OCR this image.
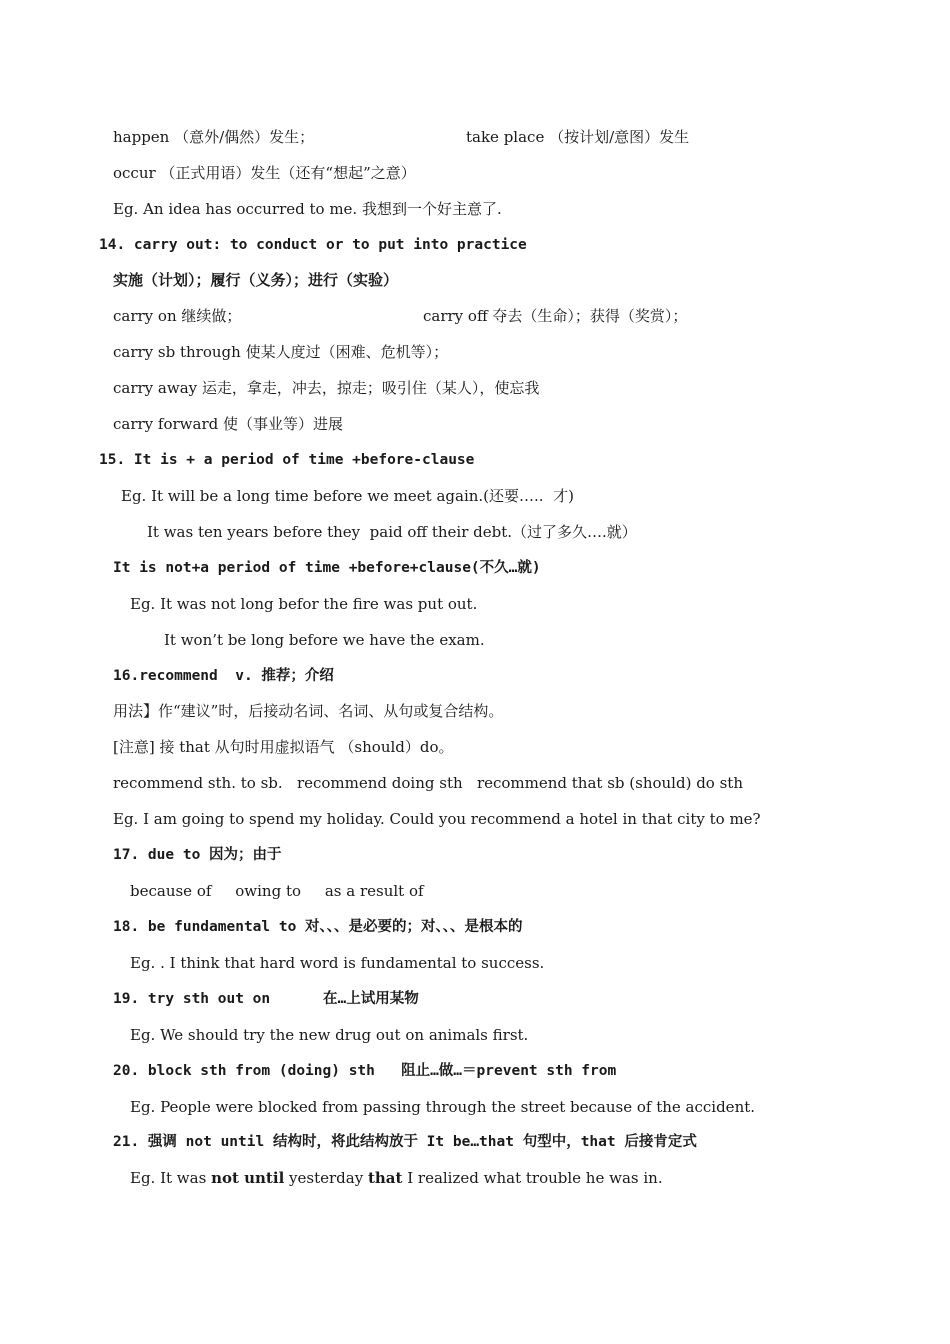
happen （意外/偶然）发生；	take place （按计划/意图）发生
occur （正式用语）发生（还有“想起”之意）
Eg. An idea has occurred to me. 我想到一个好主意了.
14. carry out: to conduct or to put into practice
实施（计划）；履行（义务）；进行（实验）
carry on 继续做；	carry off 夺去（生命）；获得（奖赏）；
carry sb through 使某人度过（困难、危机等）；
carry away 运走，拿走，冲去，掠走；吸引住（某人），使忘我
carry forward 使（事业等）进展
15. It is + a period of time +before-clause
Eg. It will be a long time before we meet again.(还要…..  才)
It was ten years before they  paid off their debt.（过了多久….就）
It is not+a period of time +before+clause(不久…就)
Eg. It was not long befor the fire was put out.
It won’t be long before we have the exam.
16.recommend  v. 推荐；介绍
用法】作“建议”时，后接动名词、名词、从句或复合结构。
[注意] 接 that 从句时用虚拟语气 （should）do。
recommend sth. to sb.   recommend doing sth   recommend that sb (should) do sth
Eg. I am going to spend my holiday. Could you recommend a hotel in that city to me?
17. due to 因为；由于
because of     owing to     as a result of
18. be fundamental to 对、、、是必要的；对、、、是根本的
Eg. . I think that hard word is fundamental to success.
19. try sth out on	在…上试用某物
Eg. We should try the new drug out on animals first.
20. block sth from (doing) sth   阻止…做…＝prevent sth from
Eg. People were blocked from passing through the street because of the accident.
21. 强调 not until 结构时，将此结构放于 It be…that 句型中，that 后接肯定式
Eg. It was not until yesterday that I realized what trouble he was in.
